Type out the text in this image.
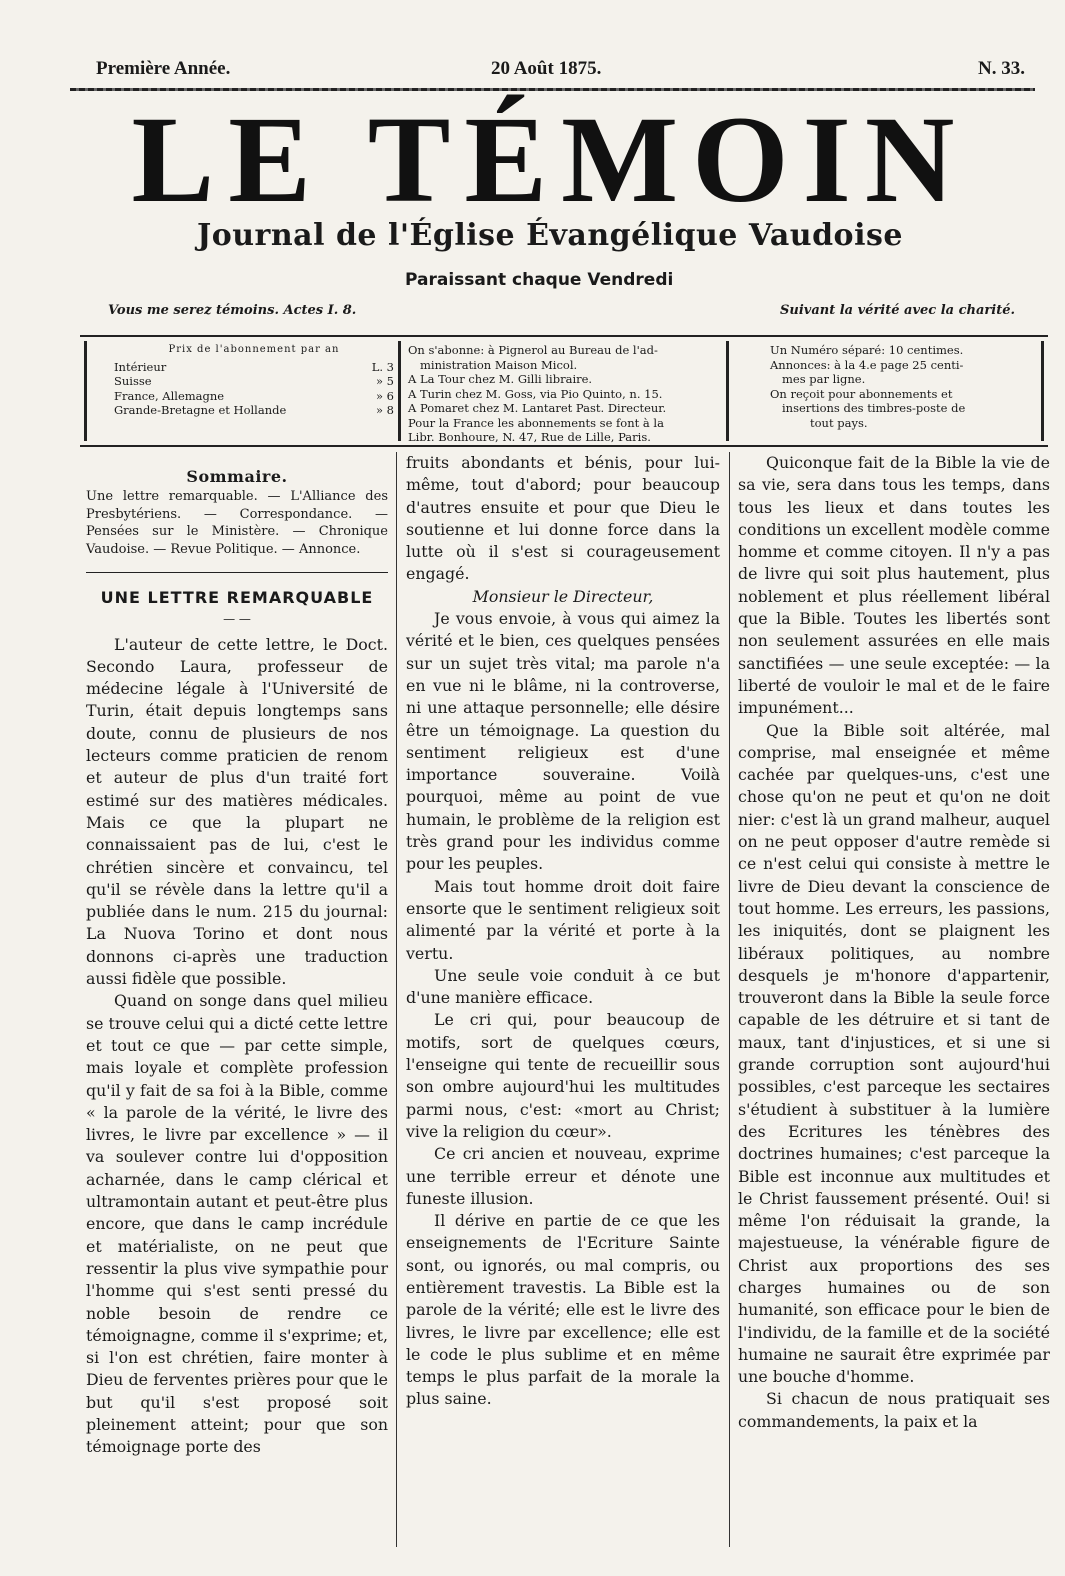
Première Année.	20 Août 1875.	N. 33.
LE TÉMOIN
Journal de l'Église Évangélique Vaudoise
Paraissant chaque Vendredi
Vous me serez témoins. Actes I. 8.	Suivant la vérité avec la charité.
Prix de l'abonnement par an
Intérieur	L. 3
Suisse	» 5
France, Allemagne	» 6
Grande-Bretagne et Hollande	» 8
On s'abonne: à Pignerol au Bureau de l'ad-
ministration Maison Micol.
A La Tour chez M. Gilli libraire.
A Turin chez M. Goss, via Pio Quinto, n. 15.
A Pomaret chez M. Lantaret Past. Directeur.
Pour la France les abonnements se font à la
Libr. Bonhoure, N. 47, Rue de Lille, Paris.
Un Numéro séparé: 10 centimes.
Annonces: à la 4.e page 25 centi-
mes par ligne.
On reçoit pour abonnements et
insertions des timbres-poste de
tout pays.
Sommaire.

Une lettre remarquable. — L'Alliance des Presbytériens. — Correspondance. — Pensées sur le Ministère. — Chronique Vaudoise. — Revue Politique. — Annonce.

UNE LETTRE REMARQUABLE
— —

L'auteur de cette lettre, le Doct. Secondo Laura, professeur de médecine légale à l'Université de Turin, était depuis longtemps sans doute, connu de plusieurs de nos lecteurs comme praticien de renom et auteur de plus d'un traité fort estimé sur des matières médicales. Mais ce que la plupart ne connaissaient pas de lui, c'est le chrétien sincère et convaincu, tel qu'il se révèle dans la lettre qu'il a publiée dans le num. 215 du journal: La Nuova Torino et dont nous donnons ci-après une traduction aussi fidèle que possible.

Quand on songe dans quel milieu se trouve celui qui a dicté cette lettre et tout ce que — par cette simple, mais loyale et complète profession qu'il y fait de sa foi à la Bible, comme « la parole de la vérité, le livre des livres, le livre par excellence » — il va soulever contre lui d'opposition acharnée, dans le camp clérical et ultramontain autant et peut-être plus encore, que dans le camp incrédule et matérialiste, on ne peut que ressentir la plus vive sympathie pour l'homme qui s'est senti pressé du noble besoin de rendre ce témoignagne, comme il s'exprime; et, si l'on est chrétien, faire monter à Dieu de ferventes prières pour que le but qu'il s'est proposé soit pleinement atteint; pour que son témoignage porte des

fruits abondants et bénis, pour lui-même, tout d'abord; pour beaucoup d'autres ensuite et pour que Dieu le soutienne et lui donne force dans la lutte où il s'est si courageusement engagé.

Monsieur le Directeur,

Je vous envoie, à vous qui aimez la vérité et le bien, ces quelques pensées sur un sujet très vital; ma parole n'a en vue ni le blâme, ni la controverse, ni une attaque personnelle; elle désire être un témoignage. La question du sentiment religieux est d'une importance souveraine. Voilà pourquoi, même au point de vue humain, le problème de la religion est très grand pour les individus comme pour les peuples.

Mais tout homme droit doit faire ensorte que le sentiment religieux soit alimenté par la vérité et porte à la vertu.

Une seule voie conduit à ce but d'une manière efficace.

Le cri qui, pour beaucoup de motifs, sort de quelques cœurs, l'enseigne qui tente de recueillir sous son ombre aujourd'hui les multitudes parmi nous, c'est: «mort au Christ; vive la religion du cœur».

Ce cri ancien et nouveau, exprime une terrible erreur et dénote une funeste illusion.

Il dérive en partie de ce que les enseignements de l'Ecriture Sainte sont, ou ignorés, ou mal compris, ou entièrement travestis. La Bible est la parole de la vérité; elle est le livre des livres, le livre par excellence; elle est le code le plus sublime et en même temps le plus parfait de la morale la plus saine.

Quiconque fait de la Bible la vie de sa vie, sera dans tous les temps, dans tous les lieux et dans toutes les conditions un excellent modèle comme homme et comme citoyen. Il n'y a pas de livre qui soit plus hautement, plus noblement et plus réellement libéral que la Bible. Toutes les libertés sont non seulement assurées en elle mais sanctifiées — une seule exceptée: — la liberté de vouloir le mal et de le faire impunément...

Que la Bible soit altérée, mal comprise, mal enseignée et même cachée par quelques-uns, c'est une chose qu'on ne peut et qu'on ne doit nier: c'est là un grand malheur, auquel on ne peut opposer d'autre remède si ce n'est celui qui consiste à mettre le livre de Dieu devant la conscience de tout homme. Les erreurs, les passions, les iniquités, dont se plaignent les libéraux politiques, au nombre desquels je m'honore d'appartenir, trouveront dans la Bible la seule force capable de les détruire et si tant de maux, tant d'injustices, et si une si grande corruption sont aujourd'hui possibles, c'est parceque les sectaires s'étudient à substituer à la lumière des Ecritures les ténèbres des doctrines humaines; c'est parceque la Bible est inconnue aux multitudes et le Christ faussement présenté. Oui! si même l'on réduisait la grande, la majestueuse, la vénérable figure de Christ aux proportions des ses charges humaines ou de son humanité, son efficace pour le bien de l'individu, de la famille et de la société humaine ne saurait être exprimée par une bouche d'homme.

Si chacun de nous pratiquait ses commandements, la paix et la
